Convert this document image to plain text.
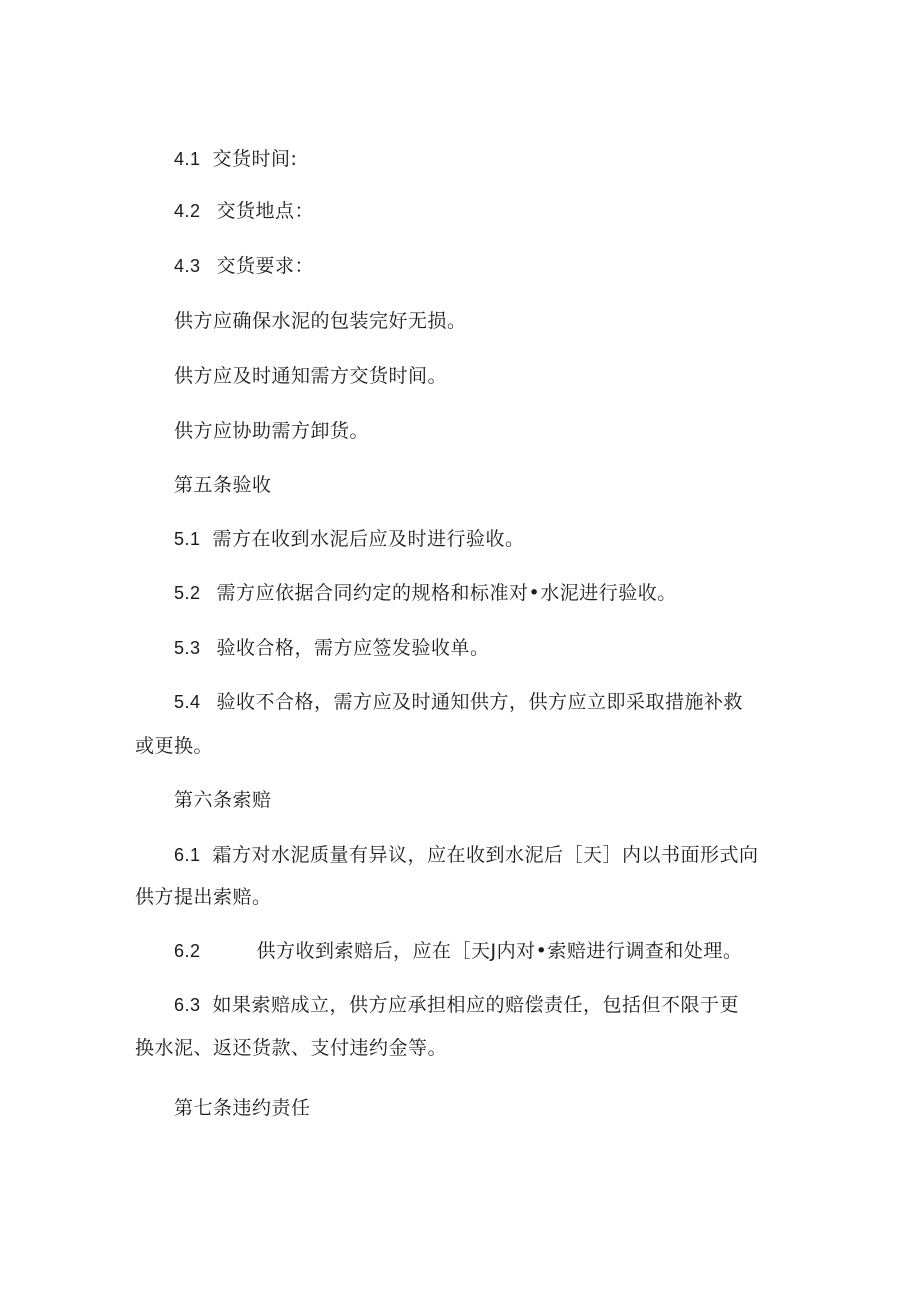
4.1 交货时间:
4.2 交货地点：
4.3 交货要求：
供方应确保水泥的包装完好无损。
供方应及时通知需方交货时间。
供方应协助需方卸货。
第五条验收
5.1 需方在收到水泥后应及时进行验收。
5.2 需方应依据合同约定的规格和标准对•水泥进行验收。
5.3 验收合格，需方应签发验收单。
5.4 验收不合格，需方应及时通知供方，供方应立即采取措施补救
或更换。
第六条索赔
6.1 霜方对水泥质量有异议，应在收到水泥后［天］内以书面形式向
供方提出索赔。
6.2	供方收到索赔后，应在［天J内对•索赔进行调查和处理。
6.3 如果索赔成立，供方应承担相应的赔偿责任，包括但不限于更
换水泥、返还货款、支付违约金等。
第七条违约责任
